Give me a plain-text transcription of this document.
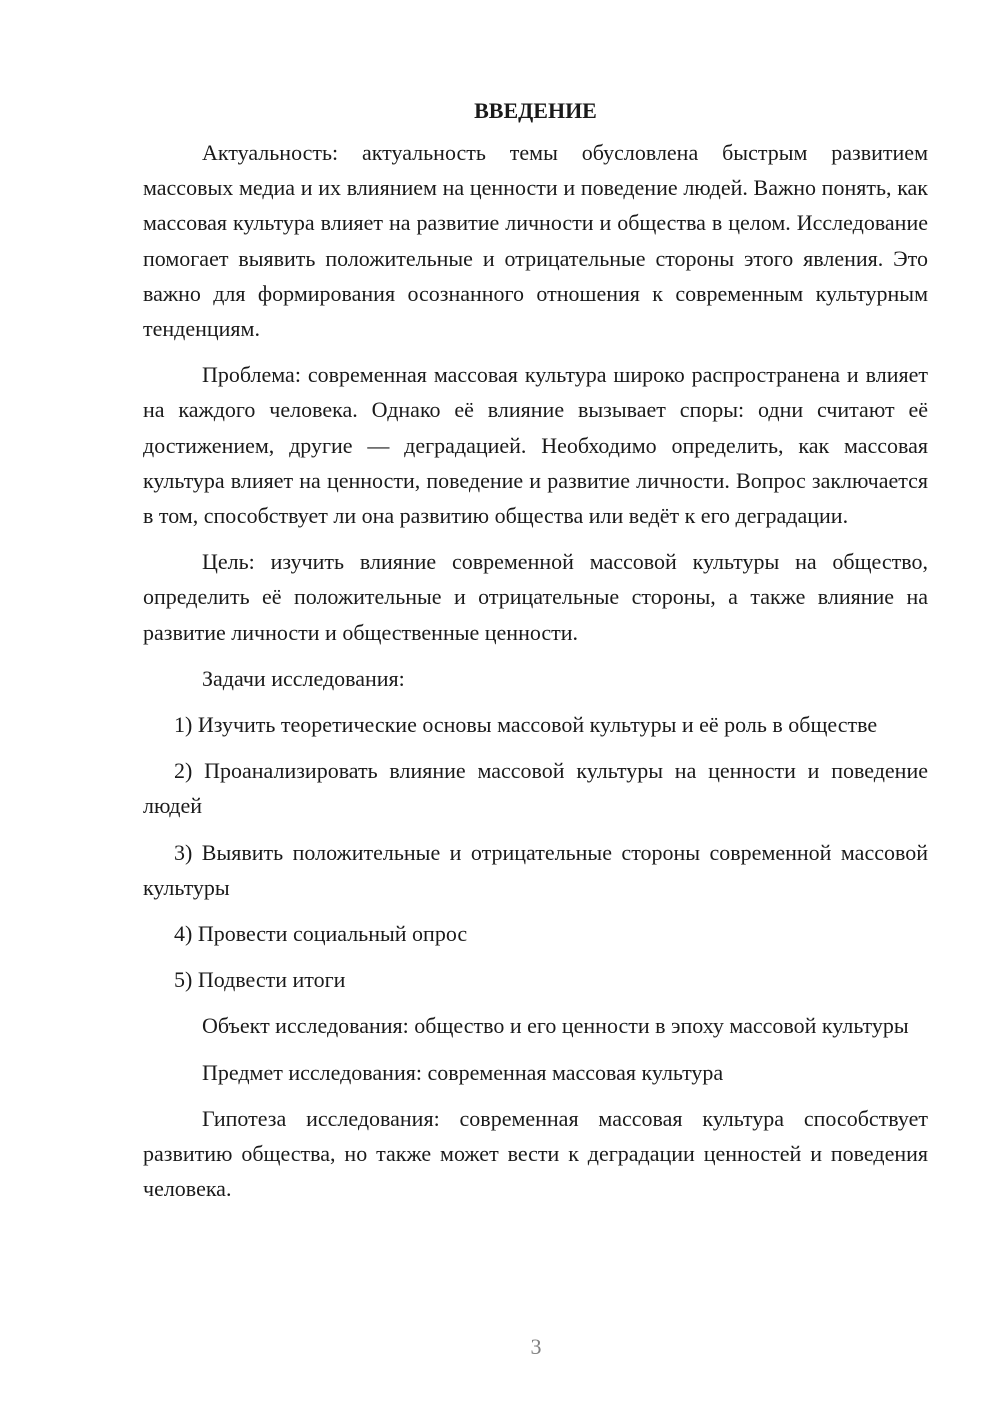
ВВЕДЕНИЕ

Актуальность: актуальность темы обусловлена быстрым развитием массовых медиа и их влиянием на ценности и поведение людей. Важно понять, как массовая культура влияет на развитие личности и общества в целом. Исследование помогает выявить положительные и отрицательные стороны этого явления. Это важно для формирования осознанного отношения к современным культурным тенденциям.

Проблема: современная массовая культура широко распространена и влияет на каждого человека. Однако её влияние вызывает споры: одни считают её достижением, другие — деградацией. Необходимо определить, как массовая культура влияет на ценности, поведение и развитие личности. Вопрос заключается в том, способствует ли она развитию общества или ведёт к его деградации.

Цель: изучить влияние современной массовой культуры на общество, определить её положительные и отрицательные стороны, а также влияние на развитие личности и общественные ценности.

Задачи исследования:

1) Изучить теоретические основы массовой культуры и её роль в обществе

2) Проанализировать влияние массовой культуры на ценности и поведение людей

3) Выявить положительные и отрицательные стороны современной массовой культуры

4) Провести социальный опрос

5) Подвести итоги

Объект исследования: общество и его ценности в эпоху массовой культуры

Предмет исследования: современная массовая культура

Гипотеза исследования: современная массовая культура способствует развитию общества, но также может вести к деградации ценностей и поведения человека.

3
